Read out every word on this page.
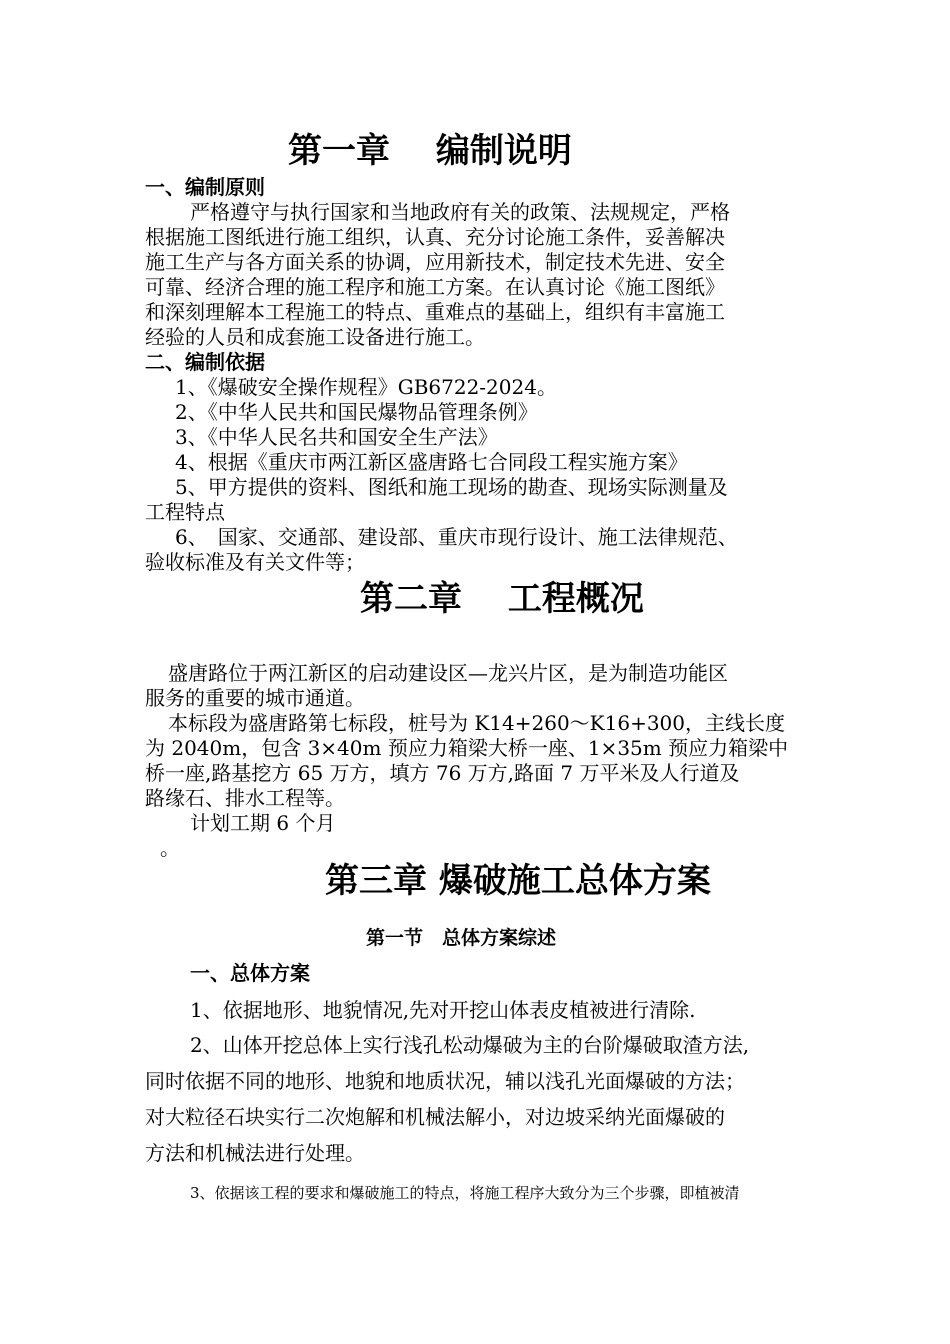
第一章　 编制说明
一、编制原则
严格遵守与执行国家和当地政府有关的政策、法规规定，严格
根据施工图纸进行施工组织，认真、充分讨论施工条件，妥善解决
施工生产与各方面关系的协调，应用新技术，制定技术先进、安全
可靠、经济合理的施工程序和施工方案。在认真讨论《施工图纸》
和深刻理解本工程施工的特点、重难点的基础上，组织有丰富施工
经验的人员和成套施工设备进行施工。
二、编制依据
1、《爆破安全操作规程》GB6722-2024。
2、《中华人民共和国民爆物品管理条例》
3、《中华人民名共和国安全生产法》
4、根据《重庆市两江新区盛唐路七合同段工程实施方案》
5、甲方提供的资料、图纸和施工现场的勘查、现场实际测量及
工程特点
6、　国家、交通部、建设部、重庆市现行设计、施工法律规范、
验收标准及有关文件等；
第二章　 工程概况
盛唐路位于两江新区的启动建设区—龙兴片区，是为制造功能区
服务的重要的城市通道。
本标段为盛唐路第七标段，桩号为 K14+260～K16+300，主线长度
为 2040m，包含 3×40m 预应力箱梁大桥一座、1×35m 预应力箱梁中
桥一座,路基挖方 65 万方，填方 76 万方,路面 7 万平米及人行道及
路缘石、排水工程等。
计划工期 6 个月
。
第三章 爆破施工总体方案
第一节　总体方案综述
一、总体方案
1、依据地形、地貌情况,先对开挖山体表皮植被进行清除.
2、山体开挖总体上实行浅孔松动爆破为主的台阶爆破取渣方法,
同时依据不同的地形、地貌和地质状况，辅以浅孔光面爆破的方法；
对大粒径石块实行二次炮解和机械法解小，对边坡采纳光面爆破的
方法和机械法进行处理。
3、依据该工程的要求和爆破施工的特点，将施工程序大致分为三个步骤，即植被清
